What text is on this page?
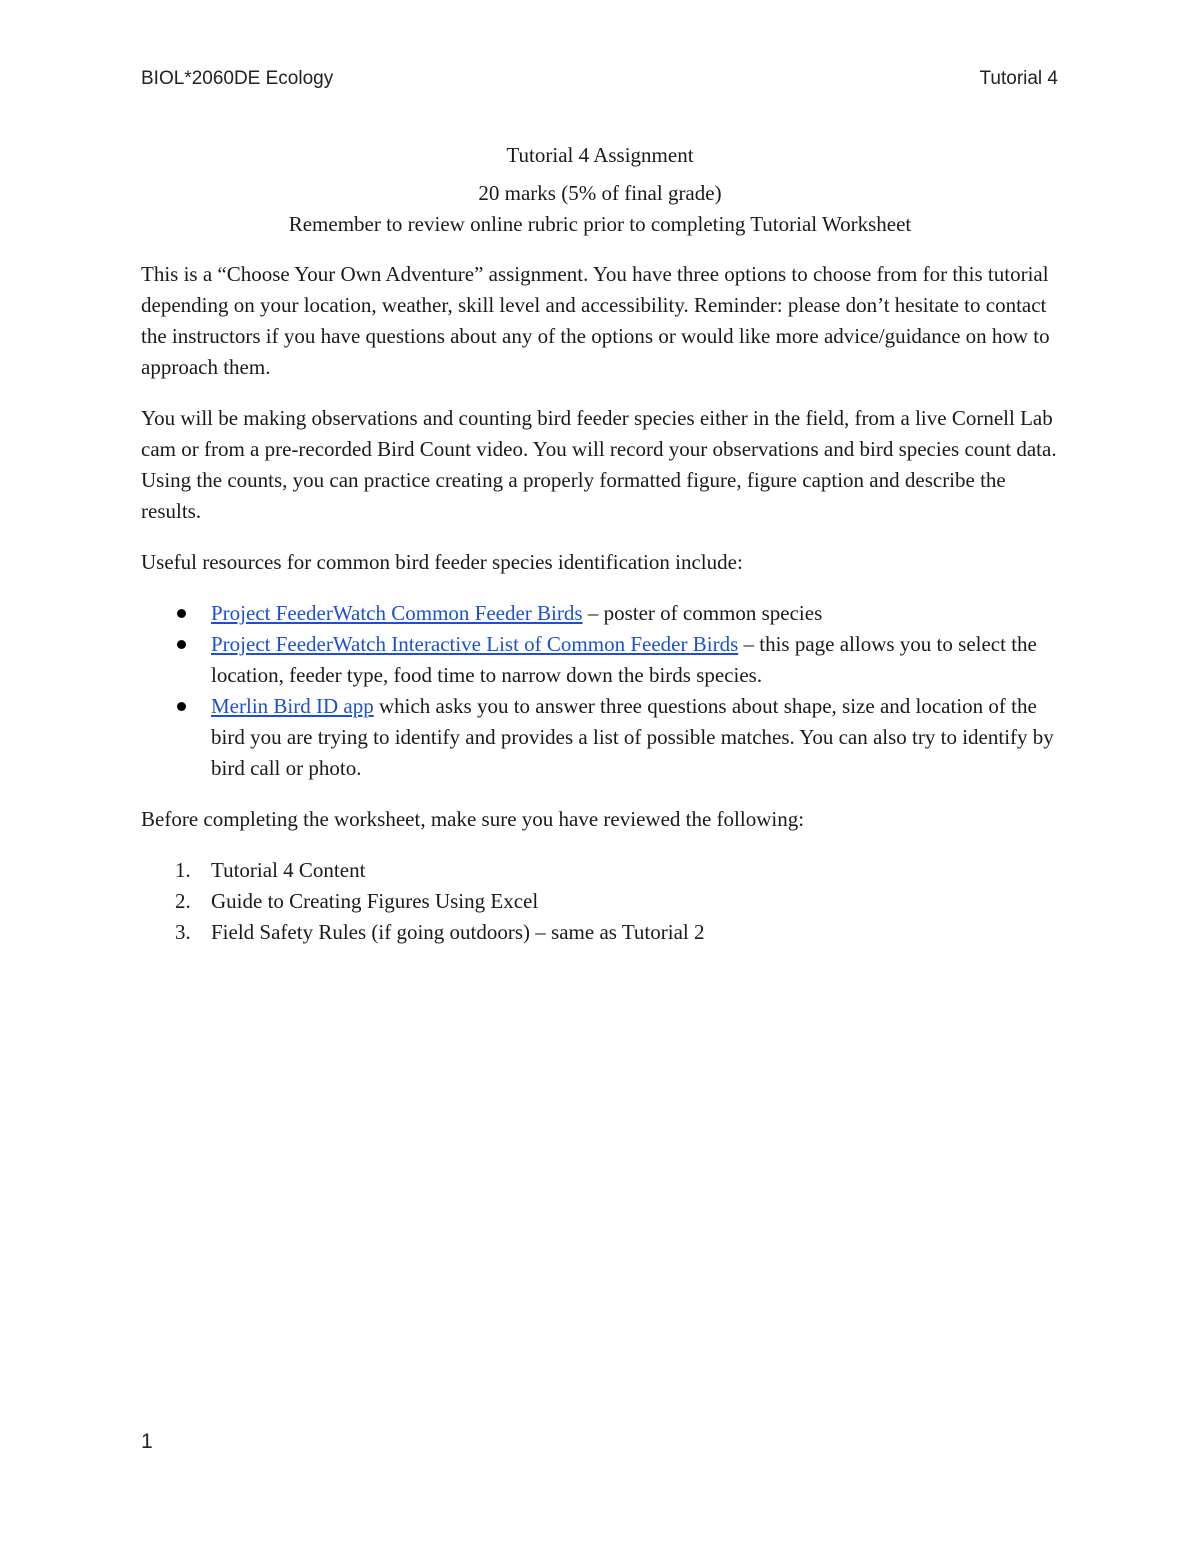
BIOL*2060DE Ecology	Tutorial 4
Tutorial 4 Assignment
20 marks (5% of final grade)
Remember to review online rubric prior to completing Tutorial Worksheet

This is a “Choose Your Own Adventure” assignment. You have three options to choose from for this tutorial depending on your location, weather, skill level and accessibility. Reminder: please don’t hesitate to contact the instructors if you have questions about any of the options or would like more advice/guidance on how to approach them.

You will be making observations and counting bird feeder species either in the field, from a live Cornell Lab cam or from a pre-recorded Bird Count video. You will record your observations and bird species count data. Using the counts, you can practice creating a properly formatted figure, figure caption and describe the results.

Useful resources for common bird feeder species identification include:

Project FeederWatch Common Feeder Birds – poster of common species
Project FeederWatch Interactive List of Common Feeder Birds – this page allows you to select the location, feeder type, food time to narrow down the birds species.
Merlin Bird ID app which asks you to answer three questions about shape, size and location of the bird you are trying to identify and provides a list of possible matches. You can also try to identify by bird call or photo.

Before completing the worksheet, make sure you have reviewed the following:

1. Tutorial 4 Content
2. Guide to Creating Figures Using Excel
3. Field Safety Rules (if going outdoors) – same as Tutorial 2
1
